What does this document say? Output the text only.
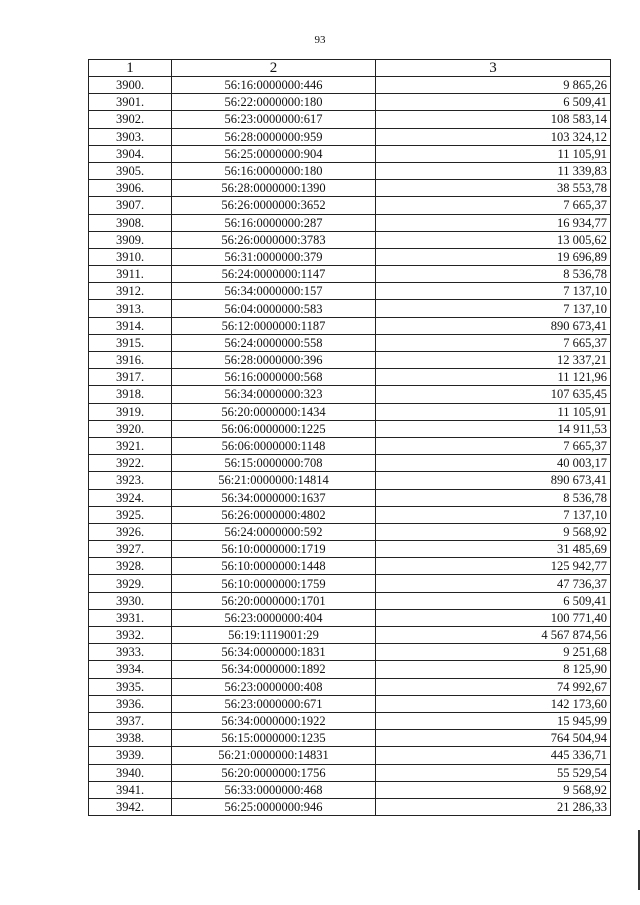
93
1	2	3
3900.	56:16:0000000:446	9 865,26
3901.	56:22:0000000:180	6 509,41
3902.	56:23:0000000:617	108 583,14
3903.	56:28:0000000:959	103 324,12
3904.	56:25:0000000:904	11 105,91
3905.	56:16:0000000:180	11 339,83
3906.	56:28:0000000:1390	38 553,78
3907.	56:26:0000000:3652	7 665,37
3908.	56:16:0000000:287	16 934,77
3909.	56:26:0000000:3783	13 005,62
3910.	56:31:0000000:379	19 696,89
3911.	56:24:0000000:1147	8 536,78
3912.	56:34:0000000:157	7 137,10
3913.	56:04:0000000:583	7 137,10
3914.	56:12:0000000:1187	890 673,41
3915.	56:24:0000000:558	7 665,37
3916.	56:28:0000000:396	12 337,21
3917.	56:16:0000000:568	11 121,96
3918.	56:34:0000000:323	107 635,45
3919.	56:20:0000000:1434	11 105,91
3920.	56:06:0000000:1225	14 911,53
3921.	56:06:0000000:1148	7 665,37
3922.	56:15:0000000:708	40 003,17
3923.	56:21:0000000:14814	890 673,41
3924.	56:34:0000000:1637	8 536,78
3925.	56:26:0000000:4802	7 137,10
3926.	56:24:0000000:592	9 568,92
3927.	56:10:0000000:1719	31 485,69
3928.	56:10:0000000:1448	125 942,77
3929.	56:10:0000000:1759	47 736,37
3930.	56:20:0000000:1701	6 509,41
3931.	56:23:0000000:404	100 771,40
3932.	56:19:1119001:29	4 567 874,56
3933.	56:34:0000000:1831	9 251,68
3934.	56:34:0000000:1892	8 125,90
3935.	56:23:0000000:408	74 992,67
3936.	56:23:0000000:671	142 173,60
3937.	56:34:0000000:1922	15 945,99
3938.	56:15:0000000:1235	764 504,94
3939.	56:21:0000000:14831	445 336,71
3940.	56:20:0000000:1756	55 529,54
3941.	56:33:0000000:468	9 568,92
3942.	56:25:0000000:946	21 286,33
